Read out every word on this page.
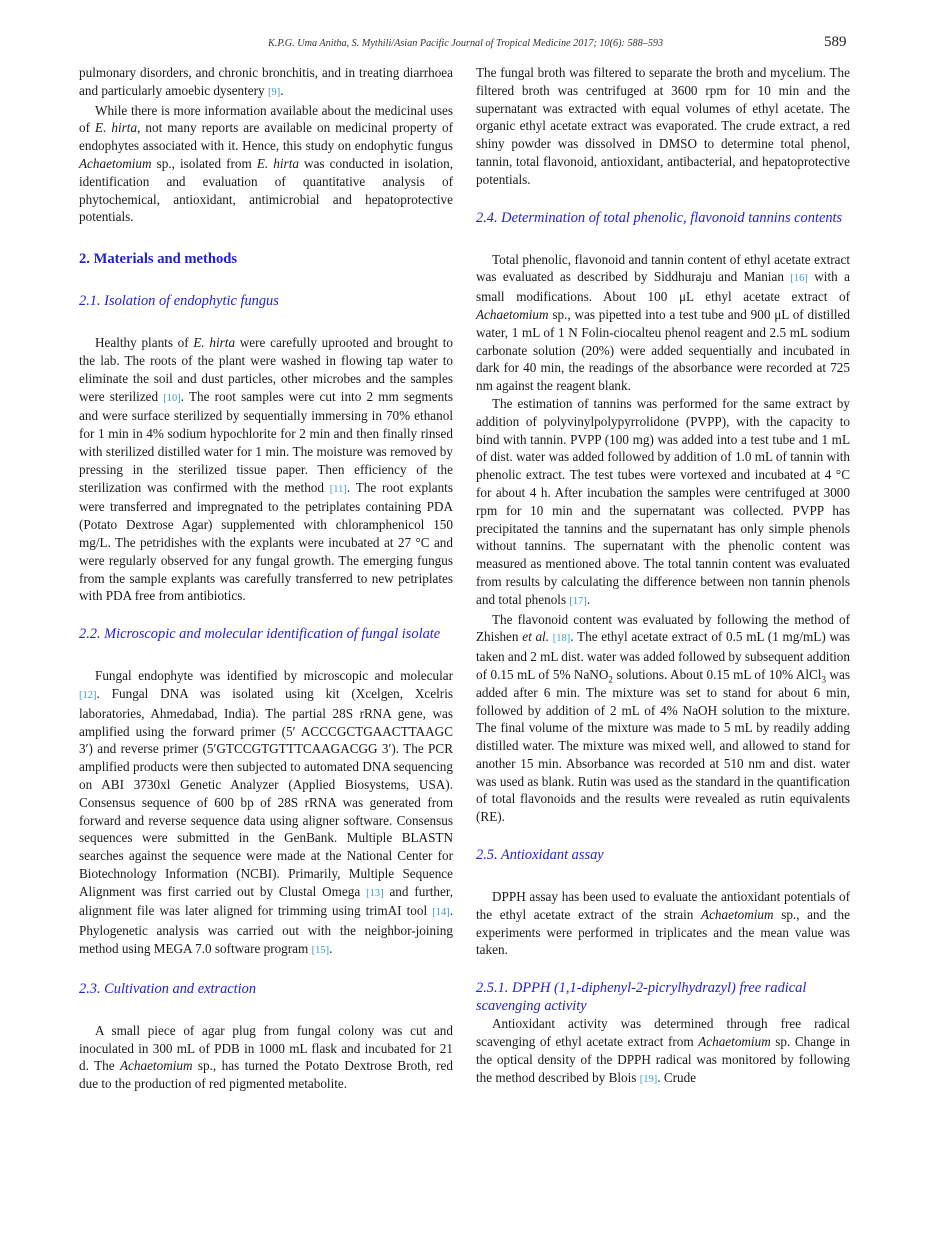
K.P.G. Uma Anitha, S. Mythili/Asian Pacific Journal of Tropical Medicine 2017; 10(6): 588–593	589

pulmonary disorders, and chronic bronchitis, and in treating diarrhoea and particularly amoebic dysentery [9].

While there is more information available about the medicinal uses of E. hirta, not many reports are available on medicinal property of endophytes associated with it. Hence, this study on endophytic fungus Achaetomium sp., isolated from E. hirta was conducted in isolation, identification and evaluation of quantitative analysis of phytochemical, antioxidant, antimicrobial and hepatoprotective potentials.

2. Materials and methods
2.1. Isolation of endophytic fungus

Healthy plants of E. hirta were carefully uprooted and brought to the lab. The roots of the plant were washed in flowing tap water to eliminate the soil and dust particles, other microbes and the samples were sterilized [10]. The root samples were cut into 2 mm segments and were surface sterilized by sequentially immersing in 70% ethanol for 1 min in 4% sodium hypochlorite for 2 min and then finally rinsed with sterilized distilled water for 1 min. The moisture was removed by pressing in the sterilized tissue paper. Then efficiency of the sterilization was confirmed with the method [11]. The root explants were transferred and impregnated to the petriplates containing PDA (Potato Dextrose Agar) supplemented with chloramphenicol 150 mg/L. The petridishes with the explants were incubated at 27 °C and were regularly observed for any fungal growth. The emerging fungus from the sample explants was carefully transferred to new petriplates with PDA free from antibiotics.

2.2. Microscopic and molecular identification of fungal isolate

Fungal endophyte was identified by microscopic and molecular [12]. Fungal DNA was isolated using kit (Xcelgen, Xcelris laboratories, Ahmedabad, India). The partial 28S rRNA gene, was amplified using the forward primer (5′ ACCCGCTGAACTTAAGC 3′) and reverse primer (5′GTCCGTGTTTCAAGACGG 3′). The PCR amplified products were then subjected to automated DNA sequencing on ABI 3730xl Genetic Analyzer (Applied Biosystems, USA). Consensus sequence of 600 bp of 28S rRNA was generated from forward and reverse sequence data using aligner software. Consensus sequences were submitted in the GenBank. Multiple BLASTN searches against the sequence were made at the National Center for Biotechnology Information (NCBI). Primarily, Multiple Sequence Alignment was first carried out by Clustal Omega [13] and further, alignment file was later aligned for trimming using trimAI tool [14]. Phylogenetic analysis was carried out with the neighbor-joining method using MEGA 7.0 software program [15].

2.3. Cultivation and extraction

A small piece of agar plug from fungal colony was cut and inoculated in 300 mL of PDB in 1000 mL flask and incubated for 21 d. The Achaetomium sp., has turned the Potato Dextrose Broth, red due to the production of red pigmented metabolite.

The fungal broth was filtered to separate the broth and mycelium. The filtered broth was centrifuged at 3600 rpm for 10 min and the supernatant was extracted with equal volumes of ethyl acetate. The organic ethyl acetate extract was evaporated. The crude extract, a red shiny powder was dissolved in DMSO to determine total phenol, tannin, total flavonoid, antioxidant, antibacterial, and hepatoprotective potentials.

2.4. Determination of total phenolic, flavonoid tannins contents

Total phenolic, flavonoid and tannin content of ethyl acetate extract was evaluated as described by Siddhuraju and Manian [16] with a small modifications. About 100 μL ethyl acetate extract of Achaetomium sp., was pipetted into a test tube and 900 μL of distilled water, 1 mL of 1 N Folin-ciocalteu phenol reagent and 2.5 mL sodium carbonate solution (20%) were added sequentially and incubated in dark for 40 min, the readings of the absorbance were recorded at 725 nm against the reagent blank.

The estimation of tannins was performed for the same extract by addition of polyvinylpolypyrrolidone (PVPP), with the capacity to bind with tannin. PVPP (100 mg) was added into a test tube and 1 mL of dist. water was added followed by addition of 1.0 mL of tannin with phenolic extract. The test tubes were vortexed and incubated at 4 °C for about 4 h. After incubation the samples were centrifuged at 3000 rpm for 10 min and the supernatant was collected. PVPP has precipitated the tannins and the supernatant has only simple phenols without tannins. The supernatant with the phenolic content was measured as mentioned above. The total tannin content was evaluated from results by calculating the difference between non tannin phenols and total phenols [17].

The flavonoid content was evaluated by following the method of Zhishen et al. [18]. The ethyl acetate extract of 0.5 mL (1 mg/mL) was taken and 2 mL dist. water was added followed by subsequent addition of 0.15 mL of 5% NaNO$_2$ solutions. About 0.15 mL of 10% AlCl$_3$ was added after 6 min. The mixture was set to stand for about 6 min, followed by addition of 2 mL of 4% NaOH solution to the mixture. The final volume of the mixture was made to 5 mL by readily adding distilled water. The mixture was mixed well, and allowed to stand for another 15 min. Absorbance was recorded at 510 nm and dist. water was used as blank. Rutin was used as the standard in the quantification of total flavonoids and the results were revealed as rutin equivalents (RE).

2.5. Antioxidant assay

DPPH assay has been used to evaluate the antioxidant potentials of the ethyl acetate extract of the strain Achaetomium sp., and the experiments were performed in triplicates and the mean value was taken.

2.5.1. DPPH (1,1-diphenyl-2-picrylhydrazyl) free radical scavenging activity

Antioxidant activity was determined through free radical scavenging of ethyl acetate extract from Achaetomium sp. Change in the optical density of the DPPH radical was monitored by following the method described by Blois [19]. Crude
